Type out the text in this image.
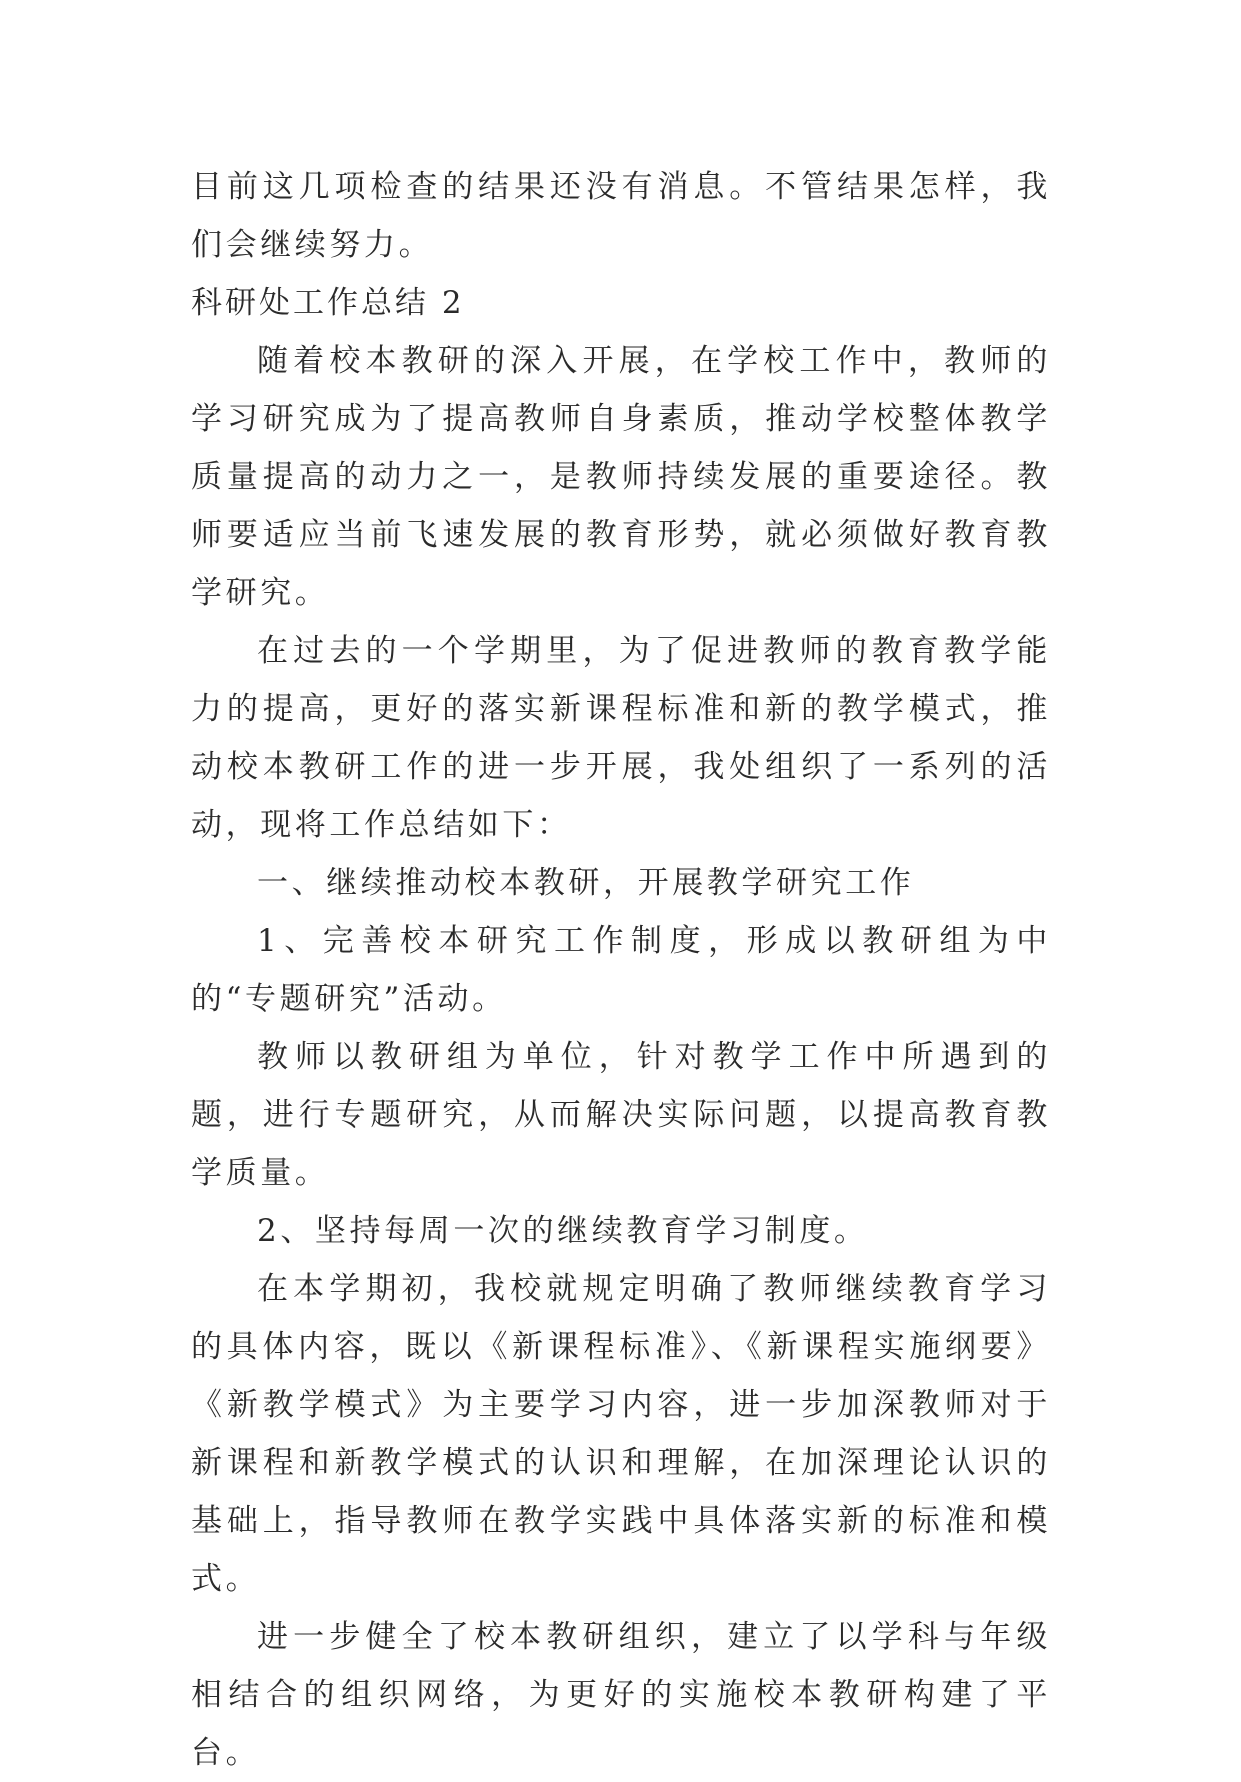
目前这几项检查的结果还没有消息。不管结果怎样，我们会继续努力。

科研处工作总结 2

随着校本教研的深入开展，在学校工作中，教师的学习研究成为了提高教师自身素质，推动学校整体教学质量提高的动力之一，是教师持续发展的重要途径。教师要适应当前飞速发展的教育形势，就必须做好教育教学研究。

在过去的一个学期里，为了促进教师的教育教学能力的提高，更好的落实新课程标准和新的教学模式，推动校本教研工作的进一步开展，我处组织了一系列的活动，现将工作总结如下：

一、继续推动校本教研，开展教学研究工作

1、完善校本研究工作制度，形成以教研组为中的“专题研究”活动。

教师以教研组为单位，针对教学工作中所遇到的题，进行专题研究，从而解决实际问题，以提高教育教学质量。

2、坚持每周一次的继续教育学习制度。

在本学期初，我校就规定明确了教师继续教育学习的具体内容，既以《新课程标准》、《新课程实施纲要》《新教学模式》为主要学习内容，进一步加深教师对于新课程和新教学模式的认识和理解，在加深理论认识的基础上，指导教师在教学实践中具体落实新的标准和模式。

进一步健全了校本教研组织，建立了以学科与年级相结合的组织网络，为更好的实施校本教研构建了平台。
